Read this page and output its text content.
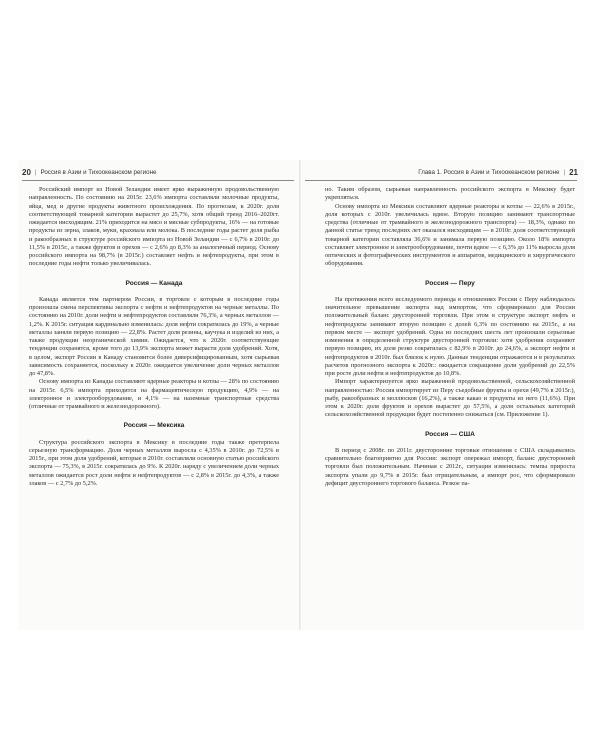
20 | Россия в Азии и Тихоокеанском регионе	Глава 1. Россия в Азии и Тихоокеанском регионе | 21

Российский импорт из Новой Зеландии имеет ярко выраженную продовольственную направленность. По состоянию на 2015г. 23,6% импорта составляли молочные продукты, яйца, мед и другие продукты животного происхождения. По прогнозам, к 2020г. доля соответствующей товарной категории вырастет до 25,7%, хотя общий тренд 2016–2020гг. ожидается нисходящим. 21% приходится на мясо и мясные субпродукты, 16% — на готовые продукты из зерна, злаков, муки, крахмала или молока. В последние годы растет доля рыбы и ракообразных в структуре российского импорта из Новой Зеландии — с 6,7% в 2010г. до 11,5% в 2015г., а также фруктов и орехов — с 2,6% до 8,3% за аналогичный период. Основу российского импорта на 98,7% (в 2015г.) составляет нефть и нефтепродукты, при этом в последние годы нефти только увеличивалась.

Россия — Канада

Канада является тем партнером России, в торговле с которым в последние годы произошла смена перспективы экспорта с нефти и нефтепродуктов на черные металлы. По состоянию на 2010г. доли нефти и нефтепродуктов составляли 76,3%, а черных металлов — 1,2%. К 2015г. ситуация кардинально изменилась: доля нефти сократилась до 19%, а черные металлы заняли первую позицию — 22,8%. Растет доля резины, каучука и изделий из них, а также продукции неорганической химии. Ожидается, что к 2020г. соответствующие тенденции сохранятся, кроме того до 13,9% экспорта может вырасти доля удобрений. Хотя, в целом, экспорт России в Канаду становится более диверсифицированным, хотя сырьевая зависимость сохраняется, поскольку к 2020г. ожидается увеличение доли черных металлов до 47,8%.

Основу импорта из Канады составляют ядерные реакторы и котлы — 28% по состоянию на 2015г. 6,5% импорта приходится на фармацевтическую продукцию, 4,9% — на электронное и электрооборудование, и 4,1% — на наземные транспортные средства (отличные от трамвайного и железнодорожного).

Россия — Мексика

Структура российского экспорта в Мексику в последние годы также претерпела серьезную трансформацию. Доля черных металлов выросла с 4,35% в 2010г. до 72,5% в 2015г., при этом доля удобрений, которые в 2010г. составляли основную статью российского экспорта — 75,3%, в 2015г. сократилась до 9%. К 2020г. наряду с увеличением доли черных металлов ожидается рост доли нефти и нефтепродуктов — с 2,8% в 2015г. до 4,3%, а также злаков — с 2,7% до 5,2%.

но. Таким образом, сырьевая направленность российского экспорта в Мексику будет укрепляться.

Основу импорта из Мексики составляют ядерные реакторы и котлы — 22,6% в 2015г., доля которых с 2010г. увеличилась вдвое. Вторую позицию занимают транспортные средства (отличные от трамвайного и железнодорожного транспорта) — 18,3%, однако по данной статье тренд последних лет оказался нисходящим — в 2010г. доля соответствующей товарной категории составляла 36,6% и занимала первую позицию. Около 18% импорта составляет электронное и электрооборудование, почти вдвое — с 6,3% до 11% выросла доля оптических и фотографических инструментов и аппаратов, медицинского и хирургического оборудования.

Россия — Перу

На протяжении всего исследуемого периода в отношениях России с Перу наблюдалось значительное превышение экспорта над импортом, что сформировало для России положительный баланс двусторонней торговли. При этом в структуре экспорт нефть и нефтепродукты занимают вторую позицию с долей 6,3% по состоянию на 2015г., а на первом месте — экспорт удобрений. Одна из последних шесть лет произошли серьезные изменения в определенной структуре двусторонней торговли: хотя удобрения сохраняют первую позицию, их доля резко сократилась с 82,9% в 2010г. до 24,6%, а экспорт нефти и нефтепродуктов в 2010г. был близок к нулю. Данные тенденции отражаются и в результатах расчетов прогнозного экспорта к 2020г.: ожидается сокращение доли удобрений до 22,5% при росте доли нефти и нефтепродуктов до 10,8%.

Импорт характеризуется ярко выраженной продовольственной, сельскохозяйственной направленностью: Россия импортирует из Перу съедобные фрукты и орехи (49,7% в 2015г.), рыбу, ракообразных и моллюсков (16,2%), а также какао и продукты из него (11,6%). При этом к 2020г. доля фруктов и орехов вырастет до 57,5%, а доля остальных категорий сельскохозяйственной продукции будет постепенно снижаться (см. Приложение 1).

Россия — США

В период с 2008г. по 2011г. двусторонние торговые отношения с США складывались сравнительно благоприятно для России: экспорт опережал импорт, баланс двусторонней торговли был положительным. Начиная с 2012г., ситуация изменилась: темпы прироста экспорта упали до 9,7% в 2015г. был отрицательным, а импорт рос, что сформировало дефицит двустороннего торгового баланса. Резкое па-
